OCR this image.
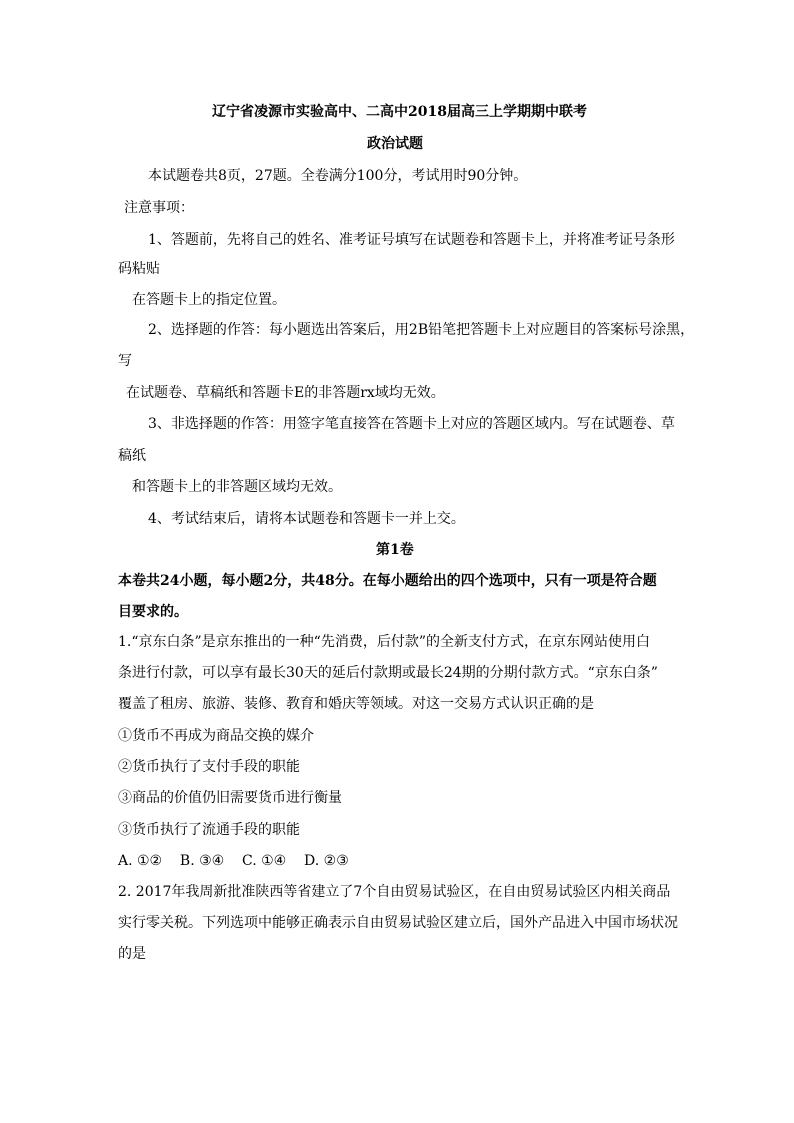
辽宁省凌源市实验高中、二高中2018届高三上学期期中联考
政治试题
本试题卷共8页，27题。全卷满分100分，考试用时90分钟。
注意事项：
1、答题前，先将自己的姓名、准考证号填写在试题卷和答题卡上，并将准考证号条形
码粘贴
在答题卡上的指定位置。
2、选择题的作答：每小题选出答案后，用2B铅笔把答题卡上对应题目的答案标号涂黑，
写
在试题卷、草稿纸和答题卡E的非答题rx域均无效。
3、非选择题的作答：用签字笔直接答在答题卡上对应的答题区域内。写在试题卷、草
稿纸
和答题卡上的非答题区域均无效。
4、考试结束后，请将本试题卷和答题卡一并上交。
第1卷
本卷共24小题，每小题2分，共48分。在每小题给出的四个选项中，只有一项是符合题
目要求的。
1.“京东白条”是京东推出的一种“先消费，后付款”的全新支付方式，在京东网站使用白
条进行付款，可以享有最长30天的延后付款期或最长24期的分期付款方式。“京东白条”
覆盖了租房、旅游、装修、教育和婚庆等领域。对这一交易方式认识正确的是
①货币不再成为商品交换的媒介
②货币执行了支付手段的职能
③商品的价值仍旧需要货币进行衡量
③货币执行了流通手段的职能
A. ①②    B. ③④    C. ①④    D. ②③
2. 2017年我周新批准陕西等省建立了7个自由贸易试验区，在自由贸易试验区内相关商品
实行零关税。下列选项中能够正确表示自由贸易试验区建立后，国外产品进入中国市场状况
的是
